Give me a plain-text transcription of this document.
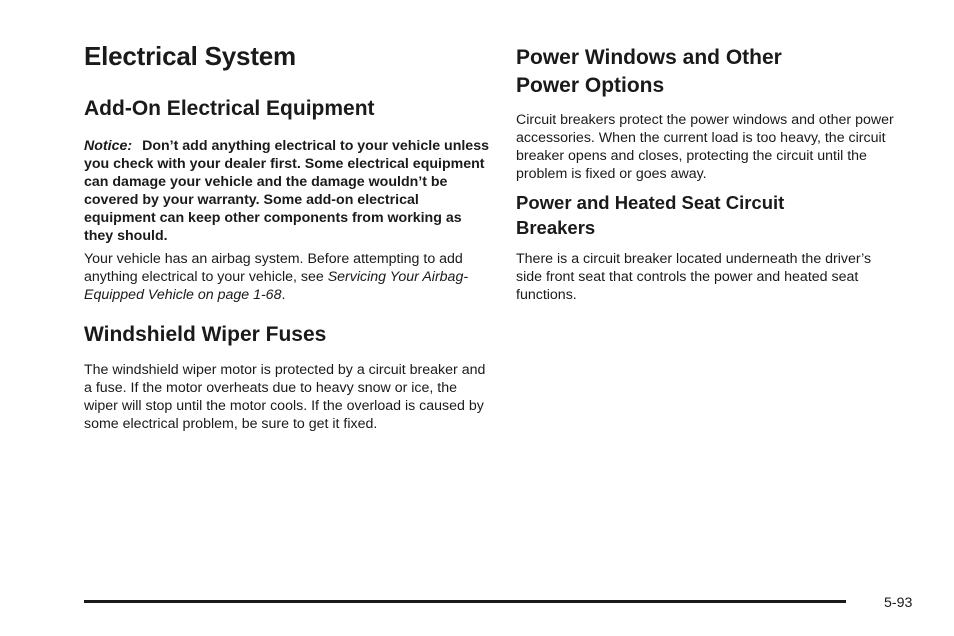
Electrical System
Add-On Electrical Equipment

Notice: Don’t add anything electrical to your vehicle unless you check with your dealer first. Some electrical equipment can damage your vehicle and the damage wouldn’t be covered by your warranty. Some add-on electrical equipment can keep other components from working as they should.

Your vehicle has an airbag system. Before attempting to add anything electrical to your vehicle, see Servicing Your Airbag-Equipped Vehicle on page 1-68.

Windshield Wiper Fuses

The windshield wiper motor is protected by a circuit breaker and a fuse. If the motor overheats due to heavy snow or ice, the wiper will stop until the motor cools. If the overload is caused by some electrical problem, be sure to get it fixed.

Power Windows and Other
Power Options

Circuit breakers protect the power windows and other power accessories. When the current load is too heavy, the circuit breaker opens and closes, protecting the circuit until the problem is fixed or goes away.

Power and Heated Seat Circuit
Breakers

There is a circuit breaker located underneath the driver’s side front seat that controls the power and heated seat functions.

5-93
